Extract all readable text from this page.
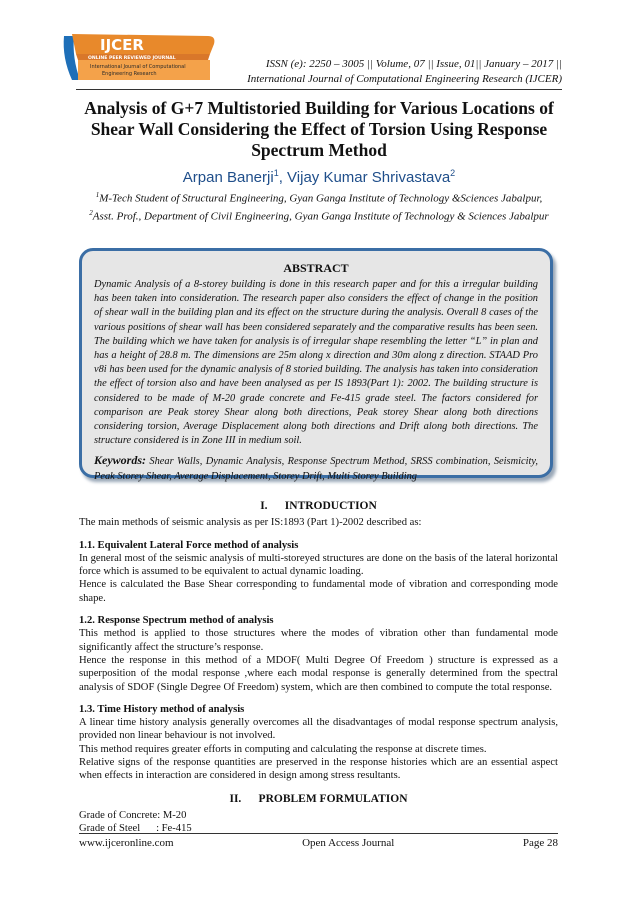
IJCER
ONLINE PEER REVIEWED JOURNAL
International Journal of Computational
Engineering Research
ISSN (e): 2250 – 3005 || Volume, 07 || Issue, 01|| January – 2017 ||
International Journal of Computational Engineering Research (IJCER)
Analysis of G+7 Multistoried Building for Various Locations of Shear Wall Considering the Effect of Torsion Using Response Spectrum Method
Arpan Banerji$^1$, Vijay Kumar Shrivastava$^2$
$^1$M-Tech Student of Structural Engineering, Gyan Ganga Institute of Technology &Sciences Jabalpur,
$^2$Asst. Prof., Department of Civil Engineering, Gyan Ganga Institute of Technology & Sciences Jabalpur
ABSTRACT

Dynamic Analysis of a 8-storey building is done in this research paper and for this a irregular building has been taken into consideration. The research paper also considers the effect of change in the position of shear wall in the building plan and its effect on the structure during the analysis. Overall 8 cases of the various positions of shear wall has been considered separately and the comparative results has been seen. The building which we have taken for analysis is of irregular shape resembling the letter “L” in plan and has a height of 28.8 m. The dimensions are 25m along x direction and 30m along z direction. STAAD Pro v8i has been used for the dynamic analysis of 8 storied building. The analysis has taken into consideration the effect of torsion also and have been analysed as per IS 1893(Part 1): 2002. The building structure is considered to be made of M-20 grade concrete and Fe-415 grade steel. The factors considered for comparison are Peak storey Shear along both directions, Peak storey Shear along both directions considering torsion, Average Displacement along both directions and Drift along both directions. The structure considered is in Zone III in medium soil.

Keywords: Shear Walls, Dynamic Analysis, Response Spectrum Method, SRSS combination, Seismicity, Peak Storey Shear, Average Displacement, Storey Drift, Multi Storey Building
I.      INTRODUCTION

The main methods of seismic analysis as per IS:1893 (Part 1)-2002 described as:

1.1. Equivalent Lateral Force method of analysis

In general most of the seismic analysis of multi-storeyed structures are done on the basis of the lateral horizontal force which is assumed to be equivalent to actual dynamic loading.

Hence is calculated the Base Shear corresponding to fundamental mode of vibration and corresponding mode shape.

1.2. Response Spectrum method of analysis

This method is applied to those structures where the modes of vibration other than fundamental mode significantly affect the structure’s response.

Hence the response in this method of a MDOF( Multi Degree Of Freedom ) structure is expressed as a superposition of the modal response ,where each modal response is generally determined from the spectral analysis of SDOF (Single Degree Of Freedom) system, which are then combined to compute the total response.

1.3. Time History method of analysis

A linear time history analysis generally overcomes all the disadvantages of modal response spectrum analysis, provided non linear behaviour is not involved.

This method requires greater efforts in computing and calculating the response at discrete times.

Relative signs of the response quantities are preserved in the response histories which are an essential aspect when effects in interaction are considered in design among stress resultants.

II.      PROBLEM FORMULATION

Grade of Concrete: M-20

Grade of Steel      : Fe-415

www.ijceronline.com	Open Access Journal	Page 28
